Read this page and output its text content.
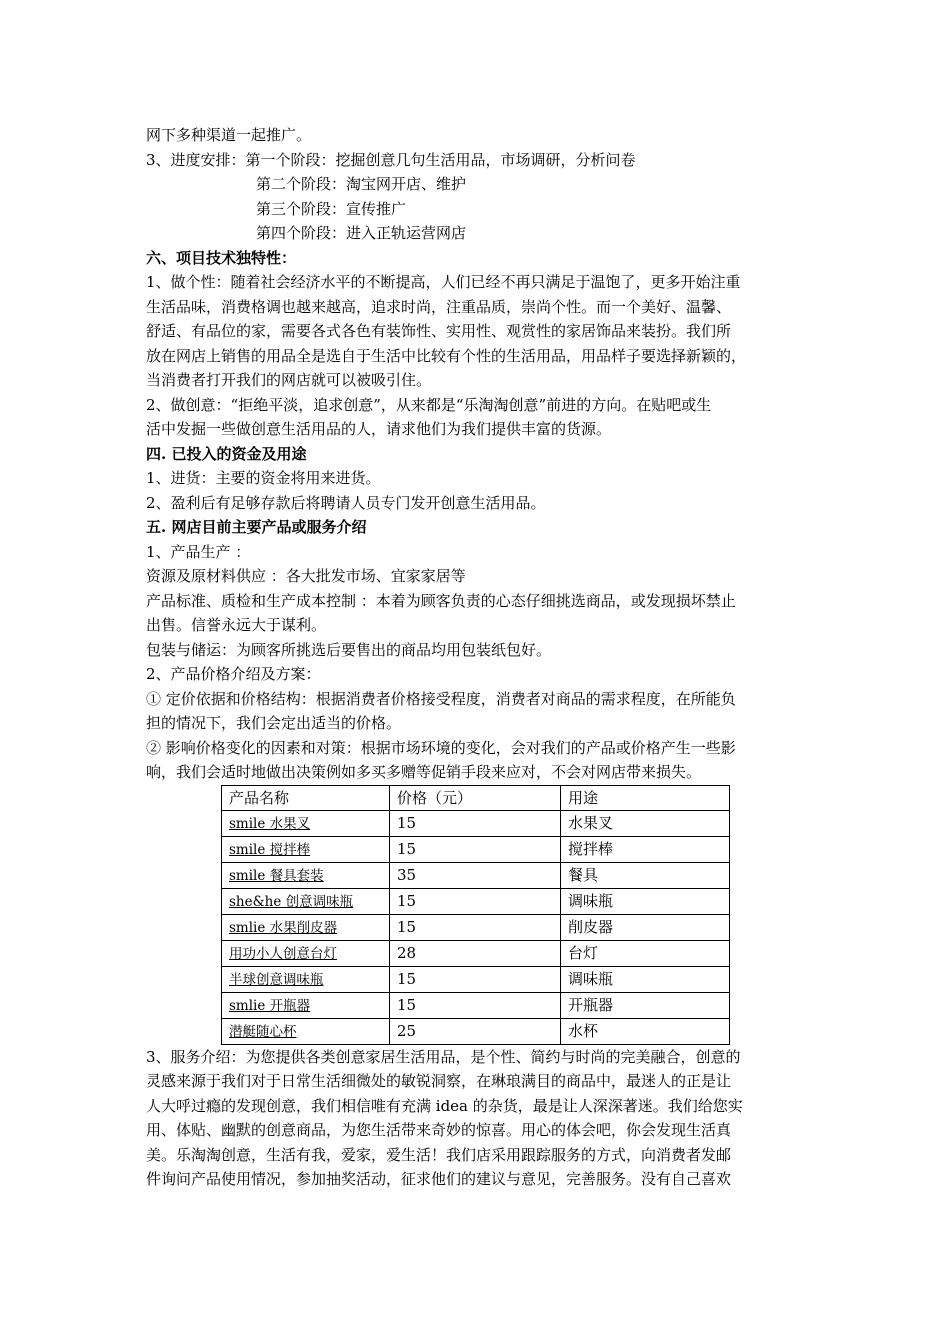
网下多种渠道一起推广。
3、进度安排：第一个阶段：挖掘创意几句生活用品，市场调研，分析问卷
第二个阶段：淘宝网开店、维护
第三个阶段：宣传推广
第四个阶段：进入正轨运营网店
六、项目技术独特性：
1、做个性：随着社会经济水平的不断提高，人们已经不再只满足于温饱了，更多开始注重
生活品味，消费格调也越来越高，追求时尚，注重品质，崇尚个性。而一个美好、温馨、
舒适、有品位的家，需要各式各色有装饰性、实用性、观赏性的家居饰品来装扮。我们所
放在网店上销售的用品全是选自于生活中比较有个性的生活用品，用品样子要选择新颖的，
当消费者打开我们的网店就可以被吸引住。
2、做创意：“拒绝平淡，追求创意”，从来都是“乐淘淘创意”前进的方向。在贴吧或生
活中发掘一些做创意生活用品的人，请求他们为我们提供丰富的货源。
四. 已投入的资金及用途
1、进货：主要的资金将用来进货。
2、盈利后有足够存款后将聘请人员专门发开创意生活用品。
五. 网店目前主要产品或服务介绍
1、产品生产 ：
资源及原材料供应 ：各大批发市场、宜家家居等
产品标准、质检和生产成本控制 ：本着为顾客负责的心态仔细挑选商品，或发现损坏禁止
出售。信誉永远大于谋利。
包装与储运：为顾客所挑选后要售出的商品均用包装纸包好。
2、产品价格介绍及方案：
① 定价依据和价格结构：根据消费者价格接受程度，消费者对商品的需求程度，在所能负
担的情况下，我们会定出适当的价格。
② 影响价格变化的因素和对策：根据市场环境的变化，会对我们的产品或价格产生一些影
响，我们会适时地做出决策例如多买多赠等促销手段来应对，不会对网店带来损失。
产品名称	价格（元）	用途
smile 水果叉	15	水果叉
smile 搅拌棒	15	搅拌棒
smile 餐具套装	35	餐具
she&he 创意调味瓶	15	调味瓶
smlie 水果削皮器	15	削皮器
用功小人创意台灯	28	台灯
半球创意调味瓶	15	调味瓶
smlie 开瓶器	15	开瓶器
潜艇随心杯	25	水杯
3、服务介绍：为您提供各类创意家居生活用品，是个性、简约与时尚的完美融合，创意的
灵感来源于我们对于日常生活细微处的敏锐洞察，在琳琅满目的商品中，最迷人的正是让
人大呼过瘾的发现创意，我们相信唯有充满 idea 的杂货，最是让人深深著迷。我们给您实
用、体贴、幽默的创意商品，为您生活带来奇妙的惊喜。用心的体会吧，你会发现生活真
美。乐淘淘创意，生活有我，爱家，爱生活！我们店采用跟踪服务的方式，向消费者发邮
件询问产品使用情况，参加抽奖活动，征求他们的建议与意见，完善服务。没有自己喜欢
